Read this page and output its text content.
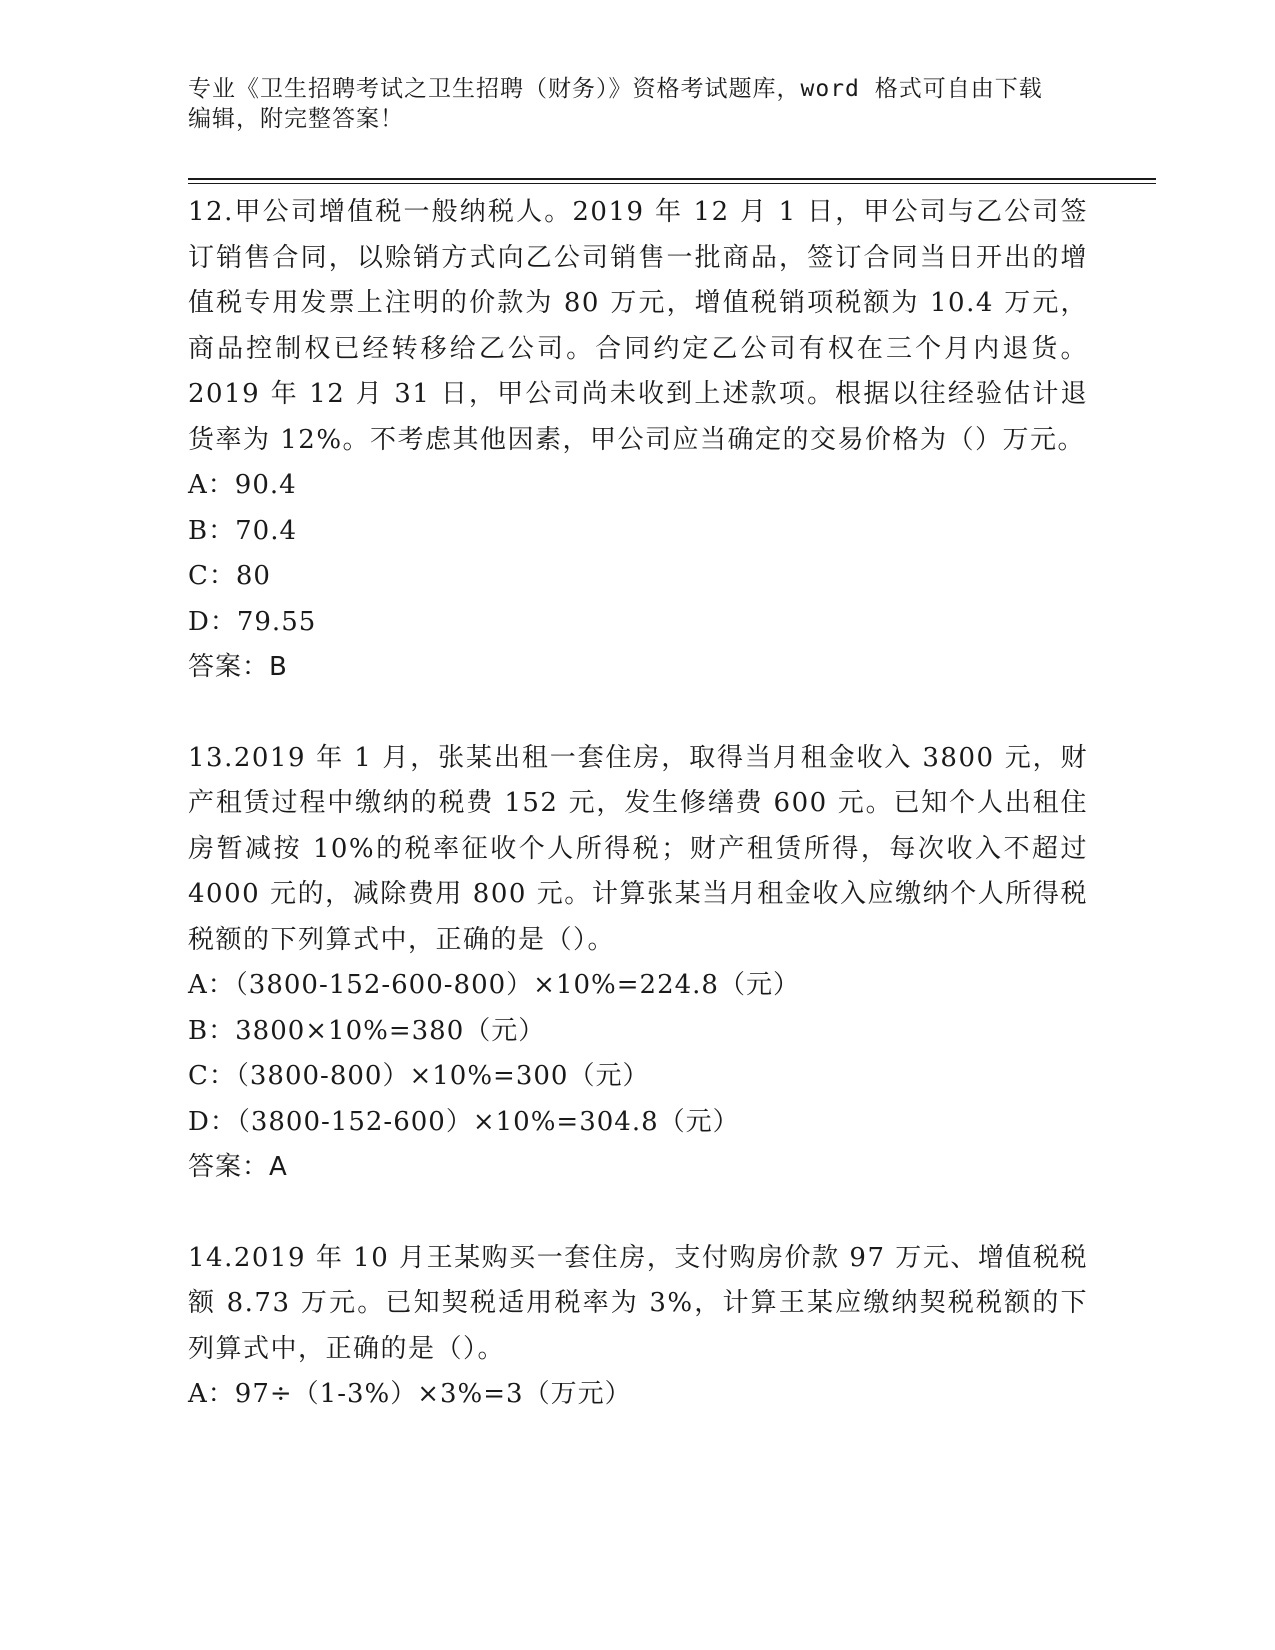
专业《卫生招聘考试之卫生招聘（财务）》资格考试题库，word 格式可自由下载
编辑，附完整答案！
12.甲公司增值税一般纳税人。2019 年 12 月 1 日，甲公司与乙公司签订销售合同，以赊销方式向乙公司销售一批商品，签订合同当日开出的增值税专用发票上注明的价款为 80 万元，增值税销项税额为 10.4 万元，商品控制权已经转移给乙公司。合同约定乙公司有权在三个月内退货。2019 年 12 月 31 日，甲公司尚未收到上述款项。根据以往经验估计退货率为 12%。不考虑其他因素，甲公司应当确定的交易价格为（）万元。
A：90.4
B：70.4
C：80
D：79.55
答案：B
13.2019 年 1 月，张某出租一套住房，取得当月租金收入 3800 元，财产租赁过程中缴纳的税费 152 元，发生修缮费 600 元。已知个人出租住房暂减按 10%的税率征收个人所得税；财产租赁所得，每次收入不超过 4000 元的，减除费用 800 元。计算张某当月租金收入应缴纳个人所得税税额的下列算式中，正确的是（）。
A：（3800-152-600-800）×10%=224.8（元）
B：3800×10%=380（元）
C：（3800-800）×10%=300（元）
D：（3800-152-600）×10%=304.8（元）
答案：A
14.2019 年 10 月王某购买一套住房，支付购房价款 97 万元、增值税税额 8.73 万元。已知契税适用税率为 3%，计算王某应缴纳契税税额的下列算式中，正确的是（）。
A：97÷（1-3%）×3%=3（万元）
